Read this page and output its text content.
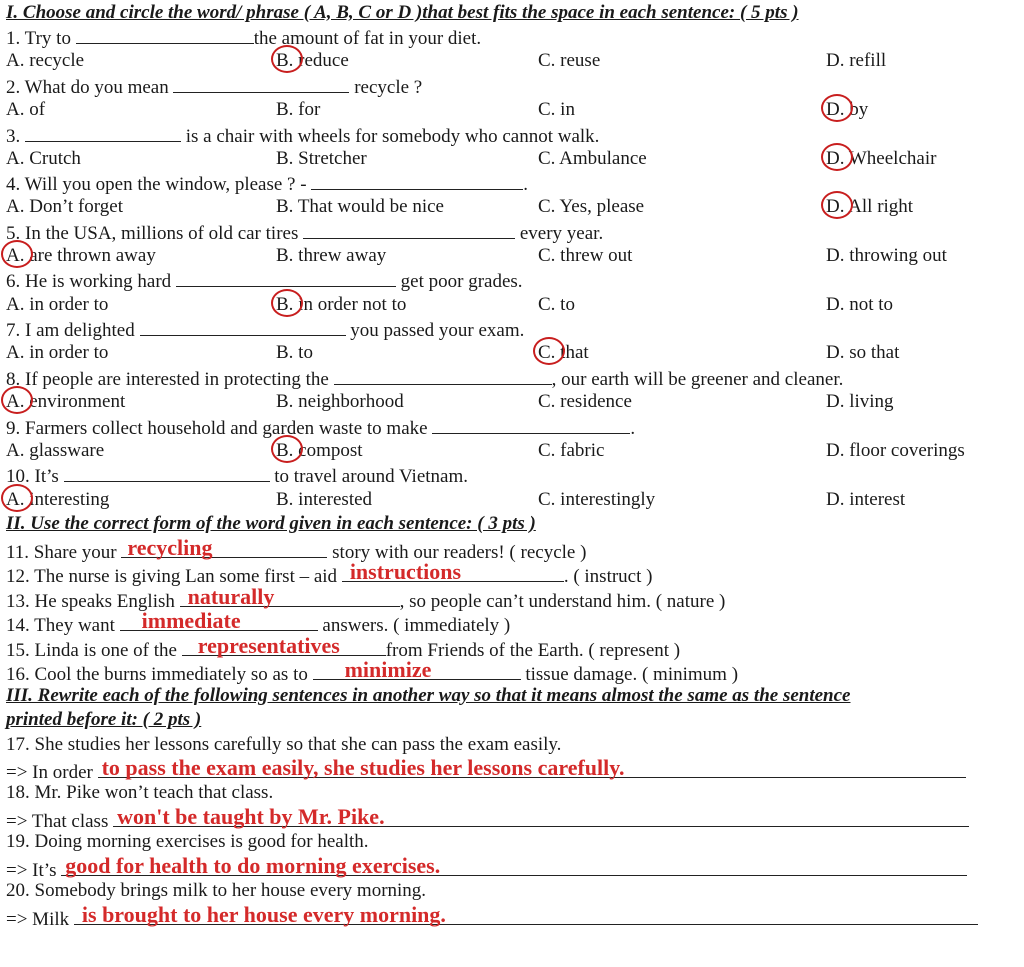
I. Choose and circle the word/ phrase ( A, B, C or D )that best fits the space in each sentence: ( 5 pts )
1. Try to	the amount of fat in your diet.
A. recycle	B. reduce	C. reuse	D. refill
2. What do you mean	recycle ?
A. of	B. for	C. in	D. by
3.	is a chair with wheels for somebody who cannot walk.
A. Crutch	B. Stretcher	C. Ambulance	D. Wheelchair
4. Will you open the window, please ? -	.
A. Don’t forget	B. That would be nice	C. Yes, please	D. All right
5. In the USA, millions of old car tires	every year.
A. are thrown away	B. threw away	C. threw out	D. throwing out
6. He is working hard	get poor grades.
A. in order to	B. in order not to	C. to	D. not to
7. I am delighted	you passed your exam.
A. in order to	B. to	C. that	D. so that
8. If people are interested in protecting the	, our earth will be greener and cleaner.
A. environment	B. neighborhood	C. residence	D. living
9. Farmers collect household and garden waste to make	.
A. glassware	B. compost	C. fabric	D. floor coverings
10. It’s	to travel around Vietnam.
A. interesting	B. interested	C. interestingly	D. interest
II. Use the correct form of the word given in each sentence: ( 3 pts )
11. Share your recycling	story with our readers! ( recycle )
12. The nurse is giving Lan some first – aid instructions	. ( instruct )
13. He speaks English naturally	, so people can’t understand him. ( nature )
14. They want immediate	answers. ( immediately )
15. Linda is one of the representatives from Friends of the Earth. ( represent )
16. Cool the burns immediately so as to minimize	tissue damage. ( minimum )
III. Rewrite each of the following sentences in another way so that it means almost the same as the sentence
printed before it: ( 2 pts )
17. She studies her lessons carefully so that she can pass the exam easily.
=> In order to pass the exam easily, she studies her lessons carefully.
18. Mr. Pike won’t teach that class.
=> That class won't be taught by Mr. Pike.
19. Doing morning exercises is good for health.
=> It’s good for health to do morning exercises.
20. Somebody brings milk to her house every morning.
=> Milk is brought to her house every morning.
